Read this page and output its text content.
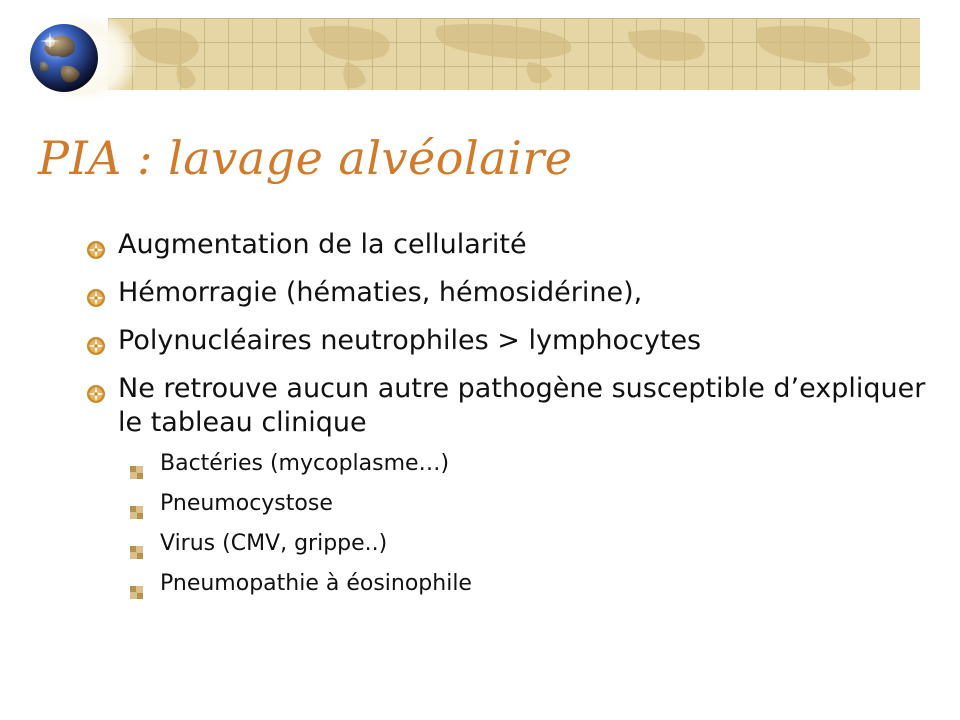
PIA : lavage alvéolaire
Augmentation de la cellularité
Hémorragie (hématies, hémosidérine),
Polynucléaires neutrophiles > lymphocytes
Ne retrouve aucun autre pathogène susceptible d’expliquer le tableau clinique
Bactéries (mycoplasme…)
Pneumocystose
Virus (CMV, grippe..)
Pneumopathie à éosinophile
